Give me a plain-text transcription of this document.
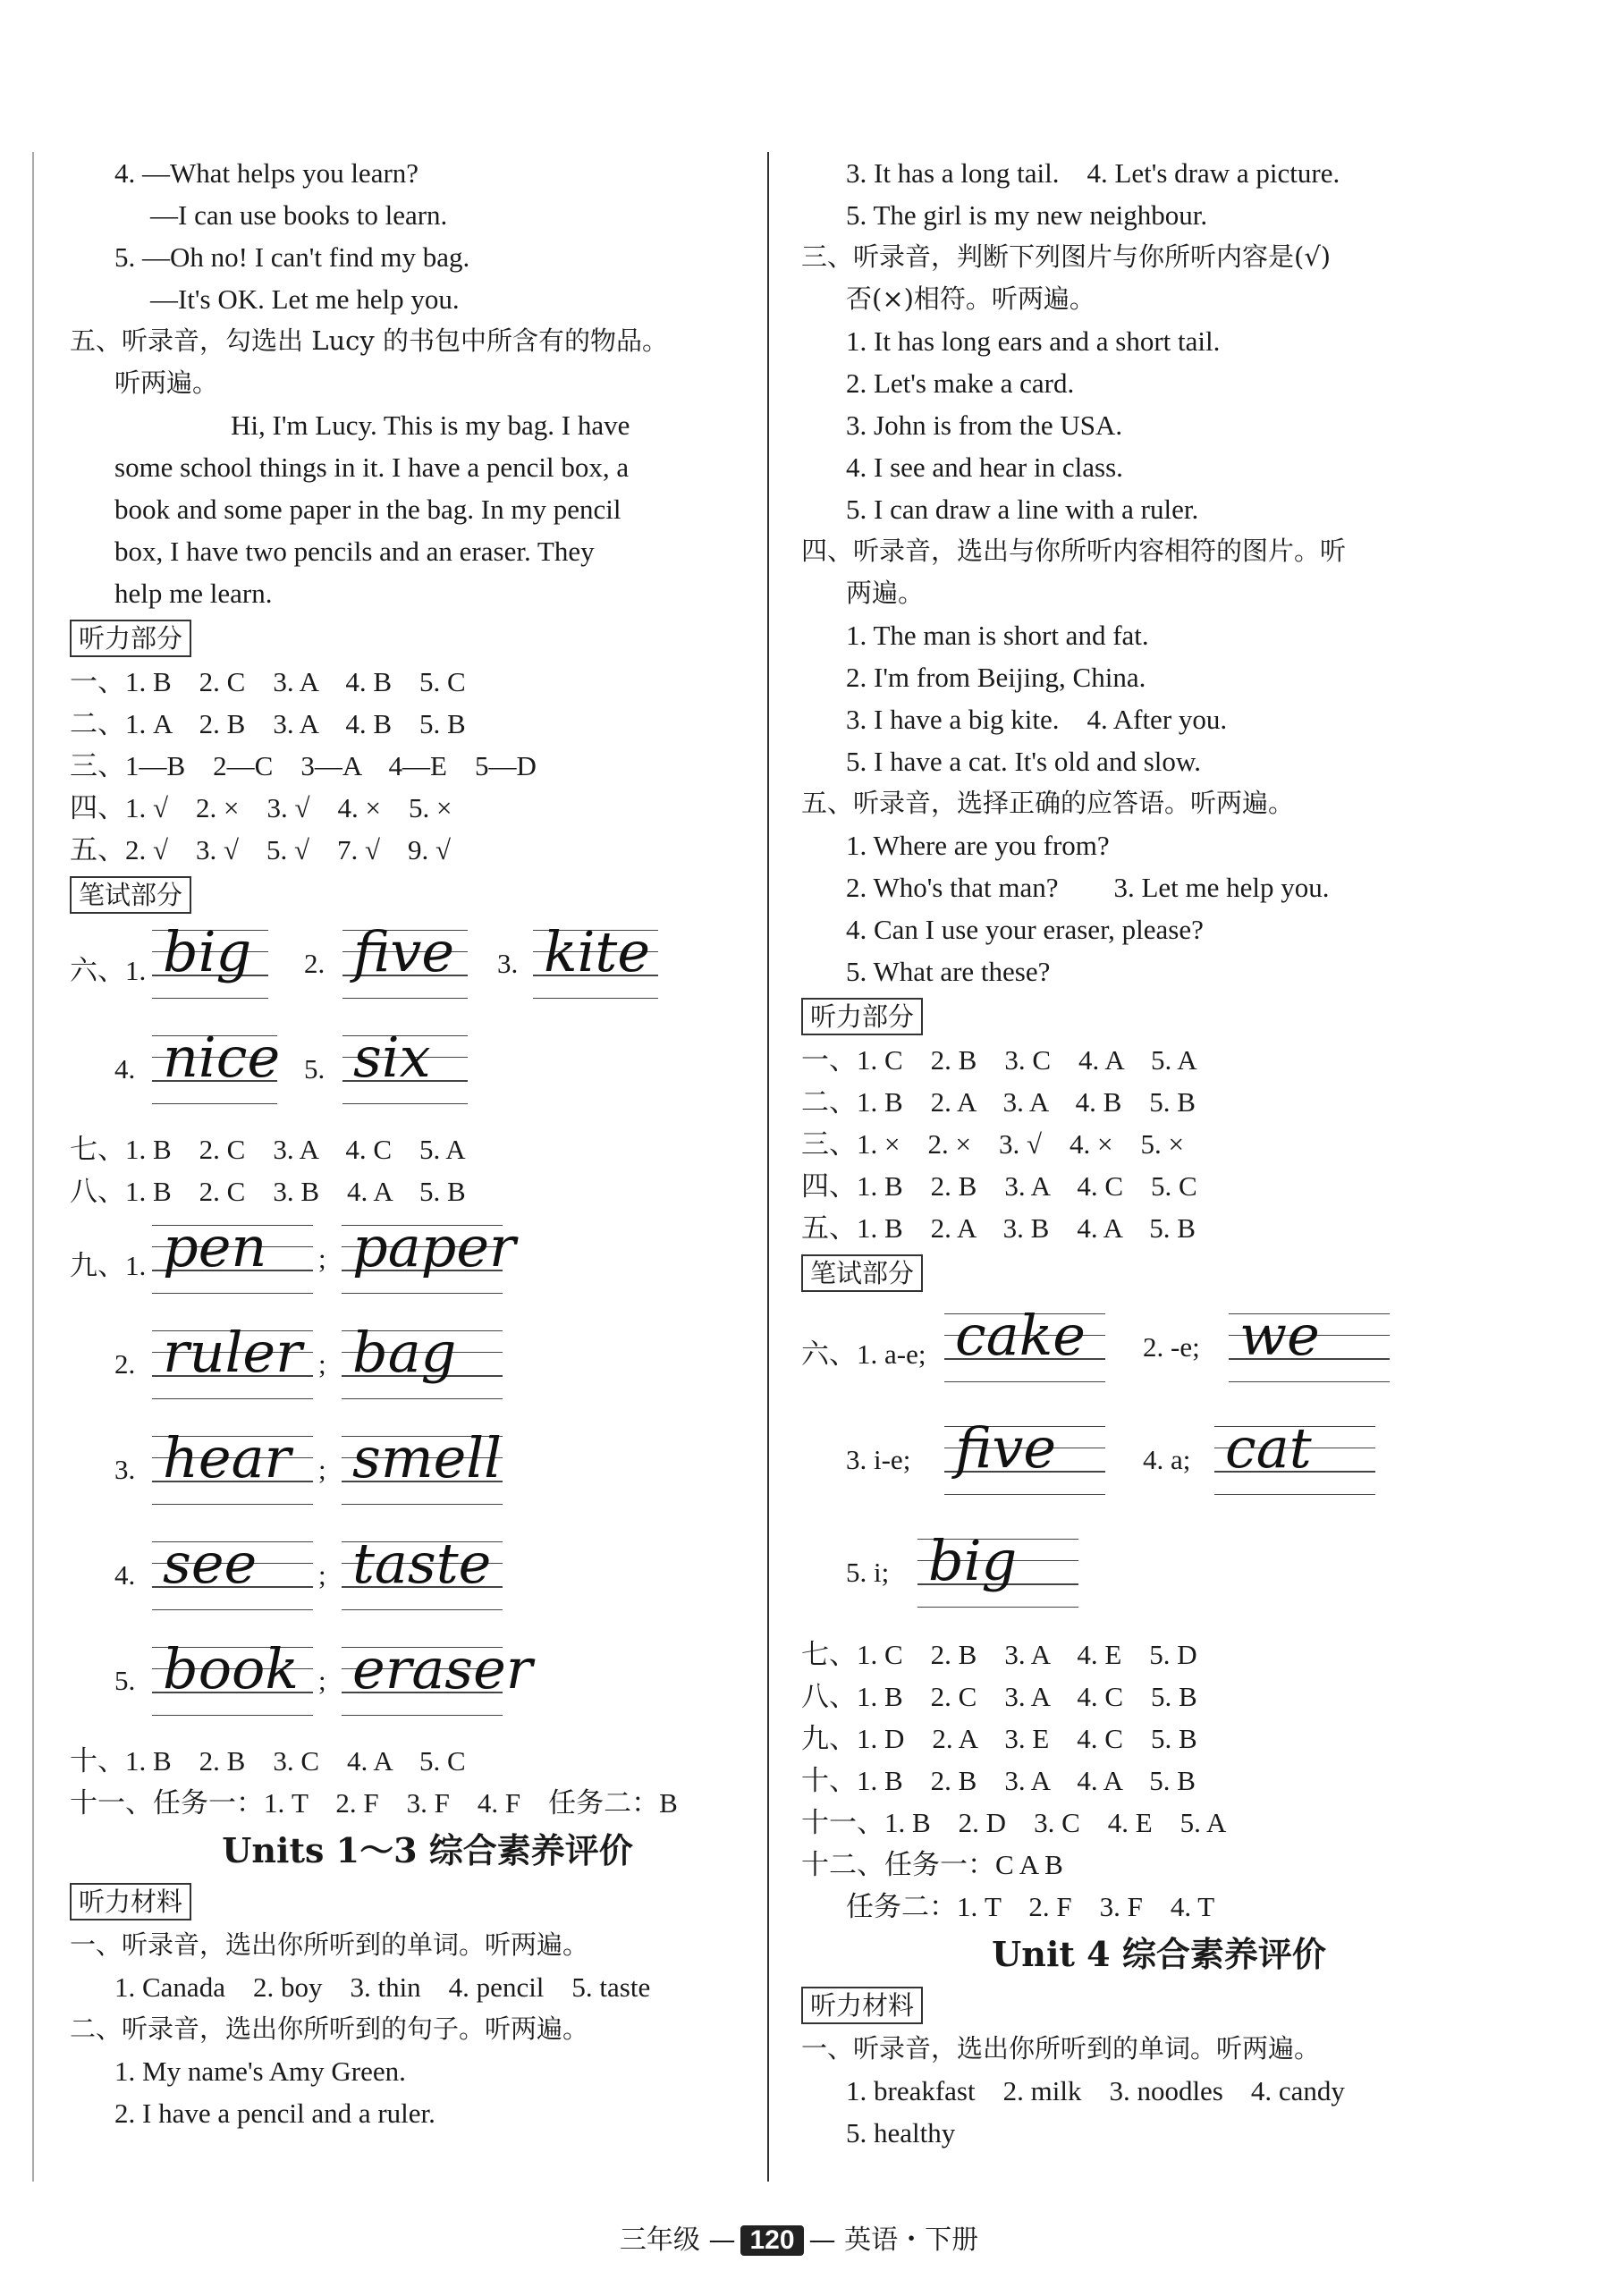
4. —What helps you learn?
—I can use books to learn.
5. —Oh no! I can't find my bag.
—It's OK. Let me help you.
五、听录音，勾选出 Lucy 的书包中所含有的物品。
听两遍。
Hi, I'm Lucy. This is my bag. I have
some school things in it. I have a pencil box, a
book and some paper in the bag. In my pencil
box, I have two pencils and an eraser. They
help me learn.
听力部分
一、1. B　2. C　3. A　4. B　5. C
二、1. A　2. B　3. A　4. B　5. B
三、1—B　2—C　3—A　4—E　5—D
四、1. √　2. ×　3. √　4. ×　5. ×
五、2. √　3. √　5. √　7. √　9. √
笔试部分
六、1. big 2. five 3. kite
4. nice 5. six
七、1. B　2. C　3. A　4. C　5. A
八、1. B　2. C　3. B　4. A　5. B
九、1. pen ; paper
2. ruler ; bag
3. hear ; smell
4. see ; taste
5. book ; eraser
十、1. B　2. B　3. C　4. A　5. C
十一、任务一：1. T　2. F　3. F　4. F　任务二：B
Units 1～3 综合素养评价
听力材料
一、听录音，选出你所听到的单词。听两遍。
1. Canada　2. boy　3. thin　4. pencil　5. taste
二、听录音，选出你所听到的句子。听两遍。
1. My name's Amy Green.
2. I have a pencil and a ruler.
3. It has a long tail.　4. Let's draw a picture.
5. The girl is my new neighbour.
三、听录音，判断下列图片与你所听内容是(√)
否(×)相符。听两遍。
1. It has long ears and a short tail.
2. Let's make a card.
3. John is from the USA.
4. I see and hear in class.
5. I can draw a line with a ruler.
四、听录音，选出与你所听内容相符的图片。听
两遍。
1. The man is short and fat.
2. I'm from Beijing, China.
3. I have a big kite.　4. After you.
5. I have a cat. It's old and slow.
五、听录音，选择正确的应答语。听两遍。
1. Where are you from?
2. Who's that man?　　3. Let me help you.
4. Can I use your eraser, please?
5. What are these?
听力部分
一、1. C　2. B　3. C　4. A　5. A
二、1. B　2. A　3. A　4. B　5. B
三、1. ×　2. ×　3. √　4. ×　5. ×
四、1. B　2. B　3. A　4. C　5. C
五、1. B　2. A　3. B　4. A　5. B
笔试部分
六、1. a-e; cake 2. -e; we
3. i-e; five	4. a; cat
5. i; big
七、1. C　2. B　3. A　4. E　5. D
八、1. B　2. C　3. A　4. C　5. B
九、1. D　2. A　3. E　4. C　5. B
十、1. B　2. B　3. A　4. A　5. B
十一、1. B　2. D　3. C　4. E　5. A
十二、任务一：C A B
任务二：1. T　2. F　3. F　4. T
Unit 4 综合素养评价
听力材料
一、听录音，选出你所听到的单词。听两遍。
1. breakfast　2. milk　3. noodles　4. candy
5. healthy
三年级 — 120 — 英语・下册
